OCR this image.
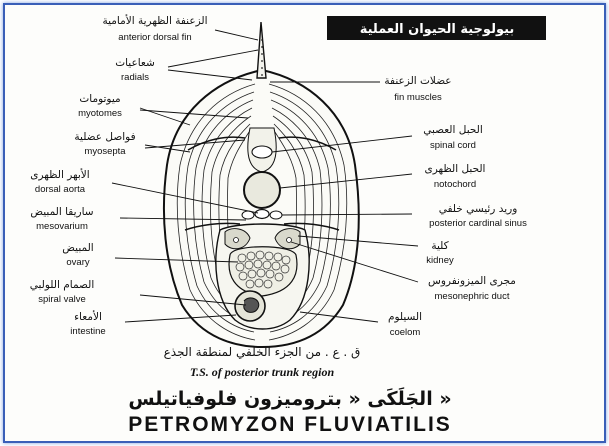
بيولوجية الحيوان العملية
الزعنفة الظهرية الأمامية
anterior dorsal fin
شعاعيات
radials
ميوتومات
myotomes
فواصل عضلية
myosepta
الأبهر الظهرى
dorsal aorta
ساريقا المبيض
mesovarium
المبيض
ovary
الصمام اللولبي
spiral valve
الأمعاء
intestine
عضلات الزعنفة
fin muscles
الحبل العصبي
spinal cord
الحبل الظهرى
notochord
وريد رئيسي خلفي
posterior cardinal sinus
كلية
kidney
مجرى الميزونفروس
mesonephric duct
السيلوم
coelom
ق . ع . من الجزء الخلفي لمنطقة الجذع
T.S. of posterior trunk region
الجَلَكَى « بتروميزون فلوفياتيلس »
PETROMYZON FLUVIATILIS
